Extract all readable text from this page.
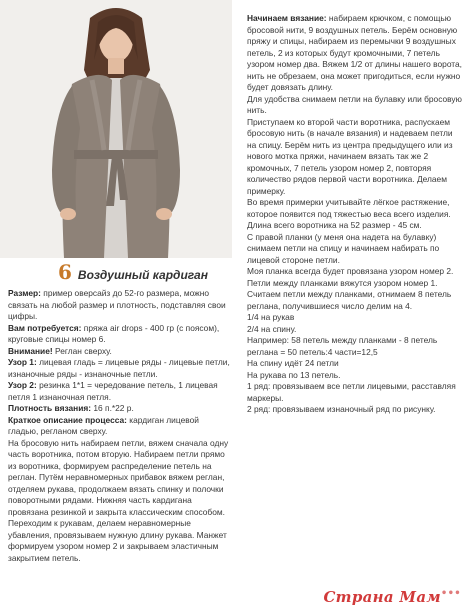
6 Воздушный кардиган

Размер: пример оверсайз до 52-го размера, можно связать на любой размер и плотность, подставляя свои цифры.

Вам потребуется: пряжа air drops - 400 гр (с поясом), круговые спицы номер 6.

Внимание! Реглан сверху.

Узор 1: лицевая гладь = лицевые ряды - лицевые петли, изнаночные ряды - изнаночные петли.

Узор 2: резинка 1*1 = чередование петель, 1 лицевая петля 1 изнаночная петля.

Плотность вязания: 16 п.*22 р.

Краткое описание процесса: кардиган лицевой гладью, регланом сверху.

На бросовую нить набираем петли, вяжем сначала одну часть воротника, потом вторую. Набираем петли прямо из воротника, формируем распределение петель на реглан. Путём неравномерных прибавок вяжем реглан, отделяем рукава, продолжаем вязать спинку и полочки поворотными рядами. Нижняя часть кардигана провязана резинкой и закрыта классическим способом.

Переходим к рукавам, делаем неравномерные убавления, провязываем нужную длину рукава. Манжет формируем узором номер 2 и закрываем эластичным закрытием петель.

Начинаем вязание: набираем крючком, с помощью бросовой нити, 9 воздушных петель. Берём основную пряжу и спицы, набираем из перемычки 9 воздушных петель, 2 из которых будут кромочными, 7 петель узором номер два. Вяжем 1/2 от длины нашего ворота, нить не обрезаем, она может пригодиться, если нужно будет довязать длину.

Для удобства снимаем петли на булавку или бросовую нить.

Приступаем ко второй части воротника, распускаем бросовую нить (в начале вязания) и надеваем петли на спицу. Берём нить из центра предыдущего или из нового мотка пряжи, начинаем вязать так же 2 кромочных, 7 петель узором номер 2, повторяя количество рядов первой части воротника. Делаем примерку.

Во время примерки учитывайте лёгкое растяжение, которое появится под тяжестью веса всего изделия.

Длина всего воротника на 52 размер - 45 см.

С правой планки (у меня она надета на булавку) снимаем петли на спицу и начинаем набирать по лицевой стороне петли.

Моя планка всегда будет провязана узором номер 2.

Петли между планками вяжутся узором номер 1. Считаем петли между планками, отнимаем 8 петель реглана, получившиеся число делим на 4.

1/4 на рукав

2/4 на спину.

Например: 58 петель между планками - 8 петель реглана = 50 петель:4 части=12,5

На спину идёт 24 петли

На рукава по 13 петель.

1 ряд: провязываем все петли лицевыми, расставляя маркеры.

2 ряд: провязываем изнаночный ряд по рисунку.

Страна Мам•••
